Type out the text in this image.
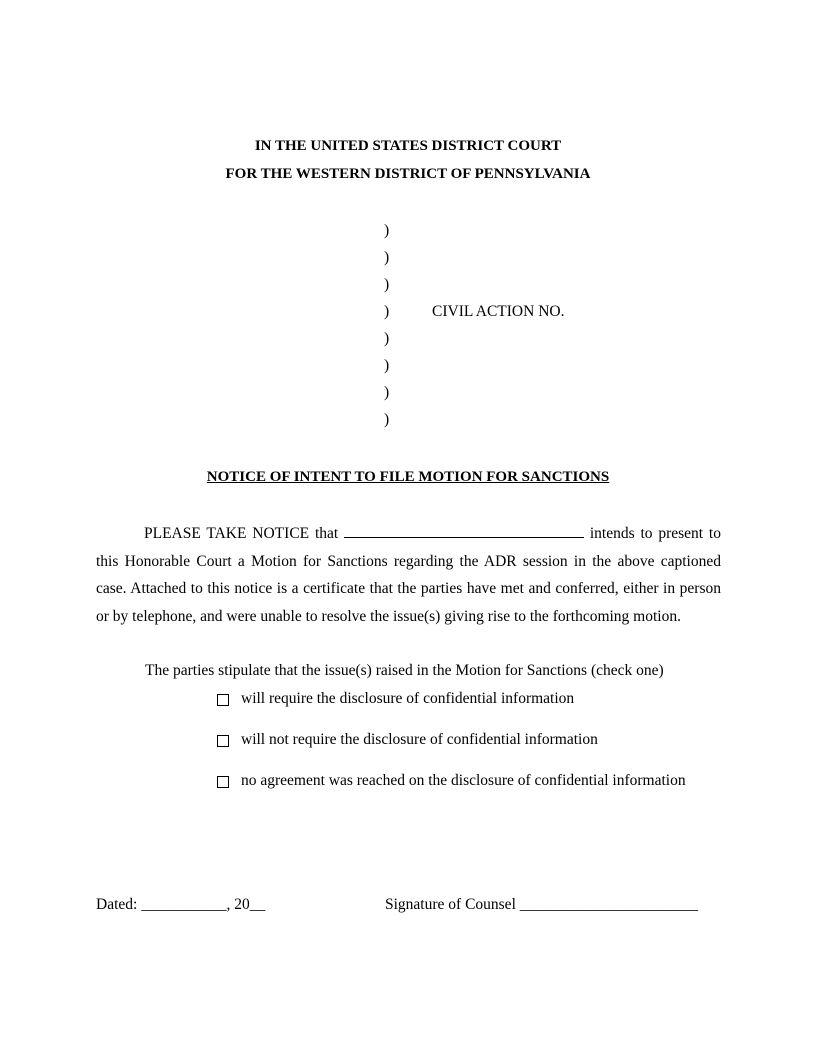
IN THE UNITED STATES DISTRICT COURT
FOR THE WESTERN DISTRICT OF PENNSYLVANIA
)
)
)
)
)
)
)
)
CIVIL ACTION NO.
NOTICE OF INTENT TO FILE MOTION FOR SANCTIONS

PLEASE TAKE NOTICE that	intends to present to this Honorable Court a Motion for Sanctions regarding the ADR session in the above captioned case. Attached to this notice is a certificate that the parties have met and conferred, either in person or by telephone, and were unable to resolve the issue(s) giving rise to the forthcoming motion.

The parties stipulate that the issue(s) raised in the Motion for Sanctions (check one)
will require the disclosure of confidential information
will not require the disclosure of confidential information
no agreement was reached on the disclosure of confidential information
Dated: ___________, 20__	Signature of Counsel _______________________
